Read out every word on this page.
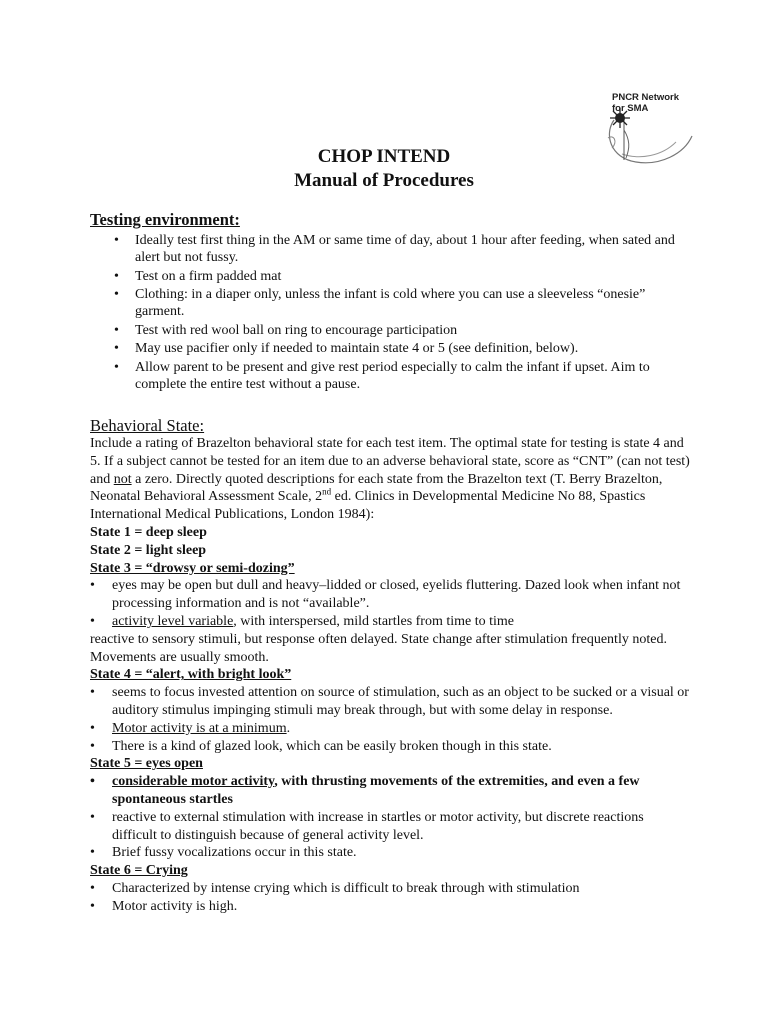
PNCR Network
for SMA
CHOP INTEND
Manual of Procedures
Testing environment:
• Ideally test first thing in the AM or same time of day, about 1 hour after feeding, when sated and alert but not fussy.
• Test on a firm padded mat
• Clothing: in a diaper only, unless the infant is cold where you can use a sleeveless “onesie” garment.
• Test with red wool ball on ring to encourage participation
• May use pacifier only if needed to maintain state 4 or 5 (see definition, below).
• Allow parent to be present and give rest period especially to calm the infant if upset. Aim to complete the entire test without a pause.
Behavioral State:

Include a rating of Brazelton behavioral state for each test item. The optimal state for testing is state 4 and 5. If a subject cannot be tested for an item due to an adverse behavioral state, score as “CNT” (can not test) and not a zero. Directly quoted descriptions for each state from the Brazelton text (T. Berry Brazelton, Neonatal Behavioral Assessment Scale, 2nd ed. Clinics in Developmental Medicine No 88, Spastics International Medical Publications, London 1984):

State 1 = deep sleep

State 2 = light sleep

State 3 = “drowsy or semi-dozing”

• eyes may be open but dull and heavy–lidded or closed, eyelids fluttering. Dazed look when infant not processing information and is not “available”.

• activity level variable, with interspersed, mild startles from time to time

reactive to sensory stimuli, but response often delayed. State change after stimulation frequently noted. Movements are usually smooth.

State 4 = “alert, with bright look”

• seems to focus invested attention on source of stimulation, such as an object to be sucked or a visual or auditory stimulus impinging stimuli may break through, but with some delay in response.

• Motor activity is at a minimum.

• There is a kind of glazed look, which can be easily broken though in this state.

State 5 = eyes open

• considerable motor activity, with thrusting movements of the extremities, and even a few spontaneous startles

• reactive to external stimulation with increase in startles or motor activity, but discrete reactions difficult to distinguish because of general activity level.

• Brief fussy vocalizations occur in this state.

State 6 = Crying

• Characterized by intense crying which is difficult to break through with stimulation

• Motor activity is high.
